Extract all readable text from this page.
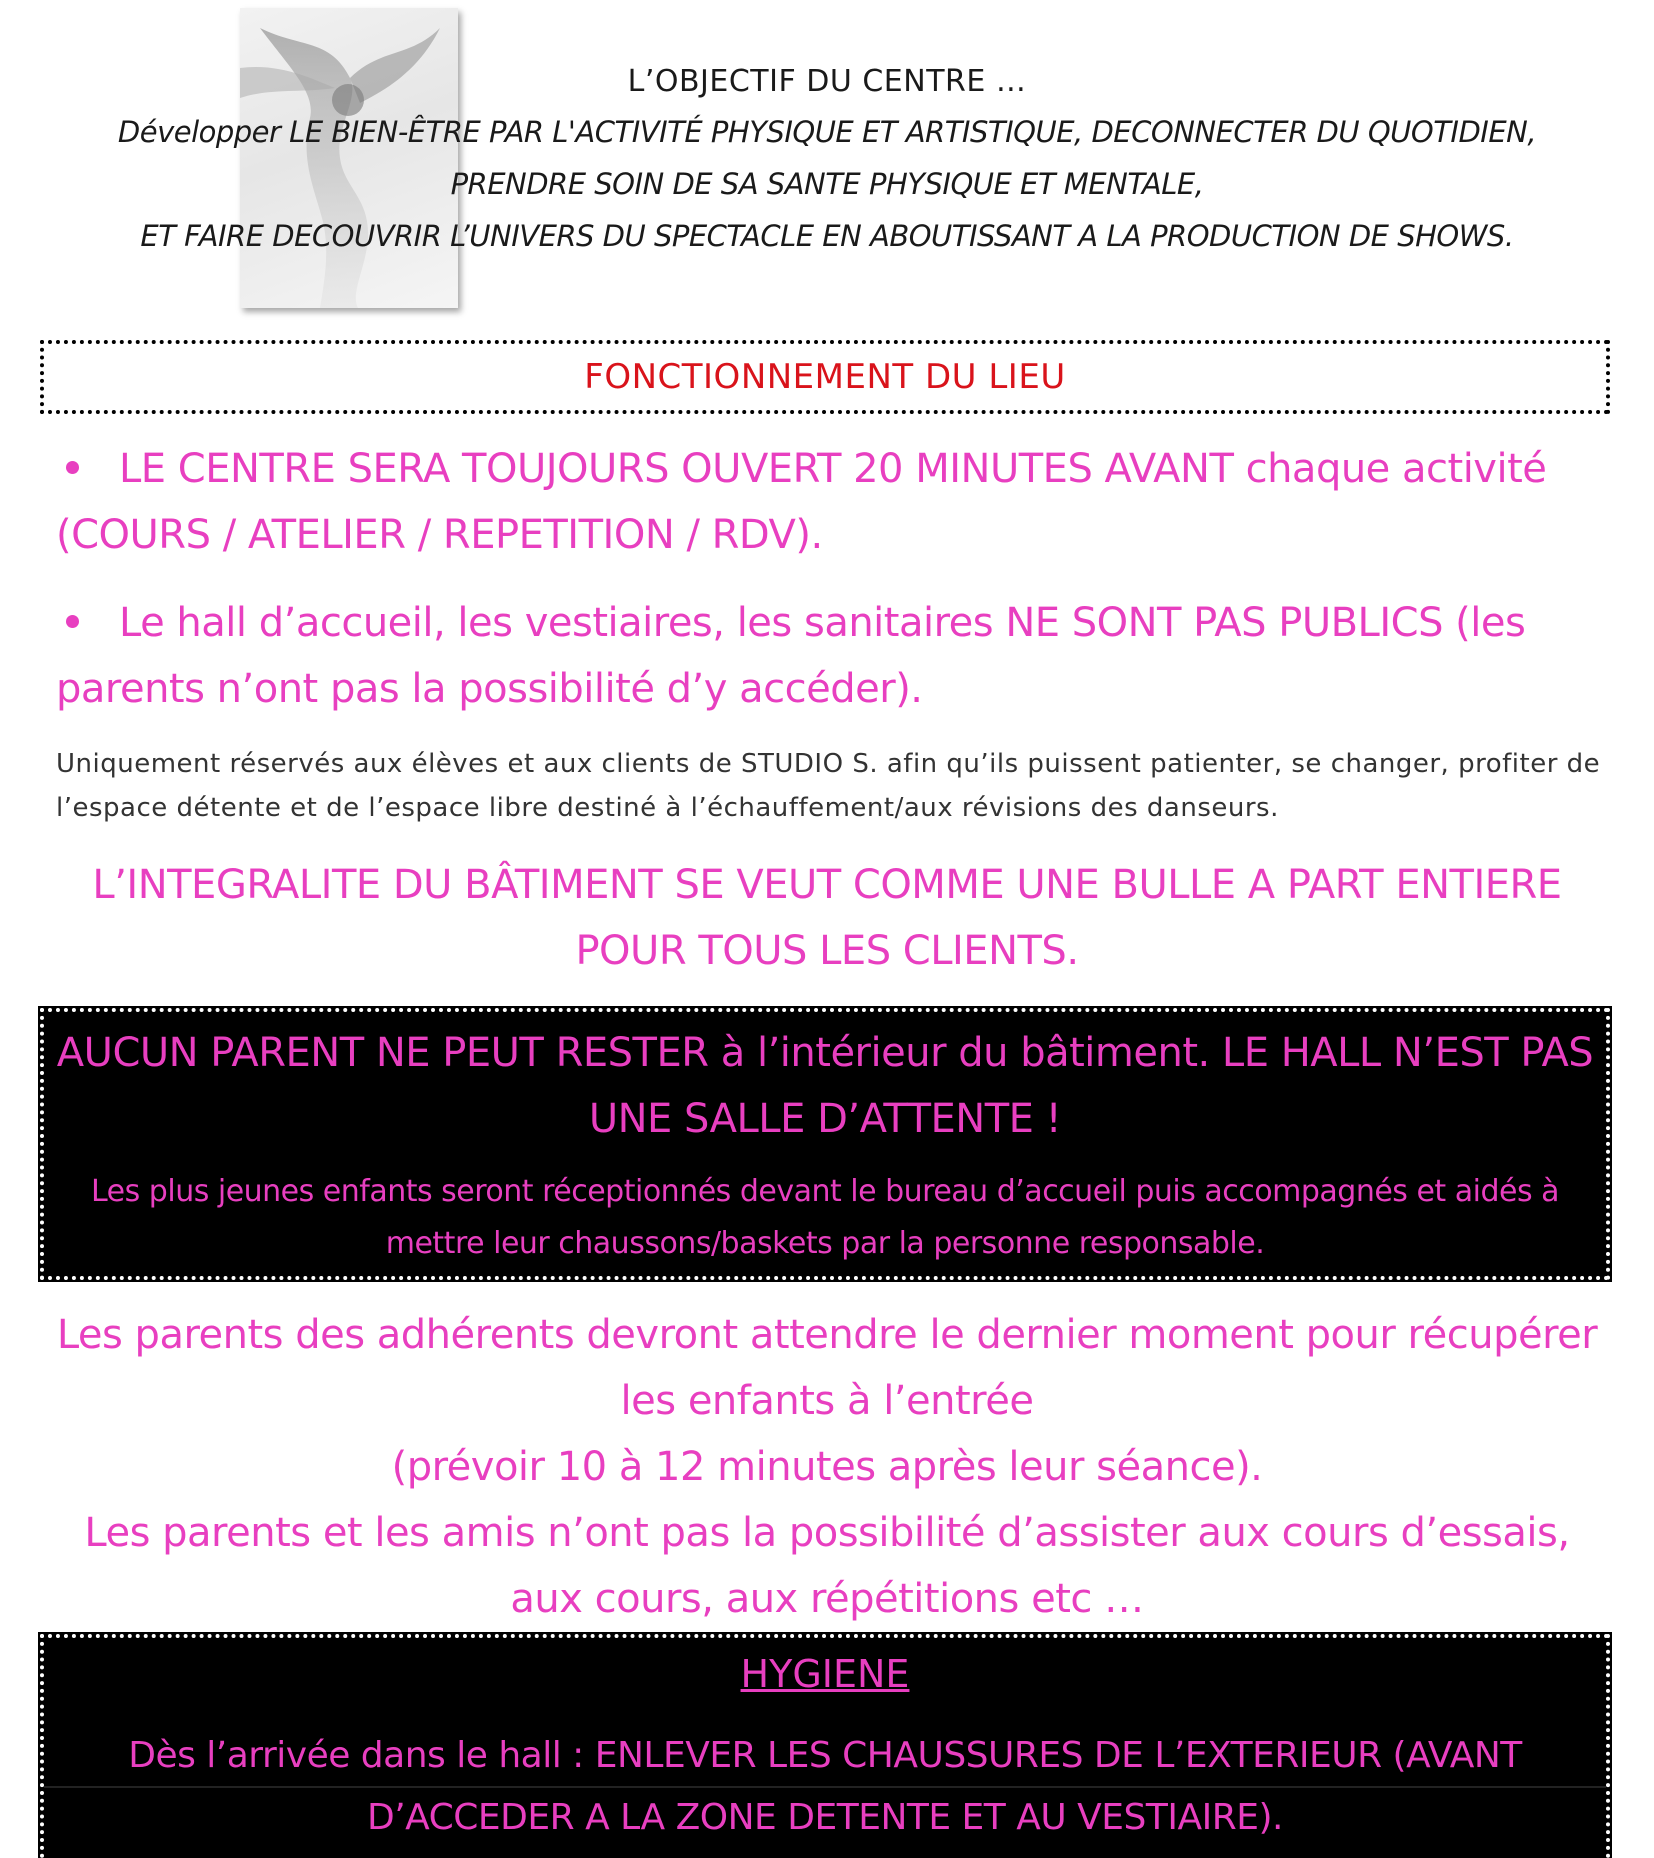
L’OBJECTIF DU CENTRE …
Développer LE BIEN-ÊTRE PAR L'ACTIVITÉ PHYSIQUE ET ARTISTIQUE, DECONNECTER DU QUOTIDIEN,
PRENDRE SOIN DE SA SANTE PHYSIQUE ET MENTALE,
ET FAIRE DECOUVRIR L’UNIVERS DU SPECTACLE EN ABOUTISSANT A LA PRODUCTION DE SHOWS.
FONCTIONNEMENT DU LIEU
LE CENTRE SERA TOUJOURS OUVERT 20 MINUTES AVANT chaque activité (COURS / ATELIER / REPETITION / RDV).
Le hall d’accueil, les vestiaires, les sanitaires NE SONT PAS PUBLICS (les parents n’ont pas la possibilité d’y accéder).
Uniquement réservés aux élèves et aux clients de STUDIO S. afin qu’ils puissent patienter, se changer, profiter de l’espace détente et de l’espace libre destiné à l’échauffement/aux révisions des danseurs.
L’INTEGRALITE DU BÂTIMENT SE VEUT COMME UNE BULLE A PART ENTIERE POUR TOUS LES CLIENTS.
AUCUN PARENT NE PEUT RESTER à l’intérieur du bâtiment. LE HALL N’EST PAS UNE SALLE D’ATTENTE !
Les plus jeunes enfants seront réceptionnés devant le bureau d’accueil puis accompagnés et aidés à mettre leur chaussons/baskets par la personne responsable.
Les parents des adhérents devront attendre le dernier moment pour récupérer les enfants à l’entrée
(prévoir 10 à 12 minutes après leur séance).
Les parents et les amis n’ont pas la possibilité d’assister aux cours d’essais, aux cours, aux répétitions etc …
HYGIENE
Dès l’arrivée dans le hall : ENLEVER LES CHAUSSURES DE L’EXTERIEUR (AVANT
D’ACCEDER A LA ZONE DETENTE ET AU VESTIAIRE).
